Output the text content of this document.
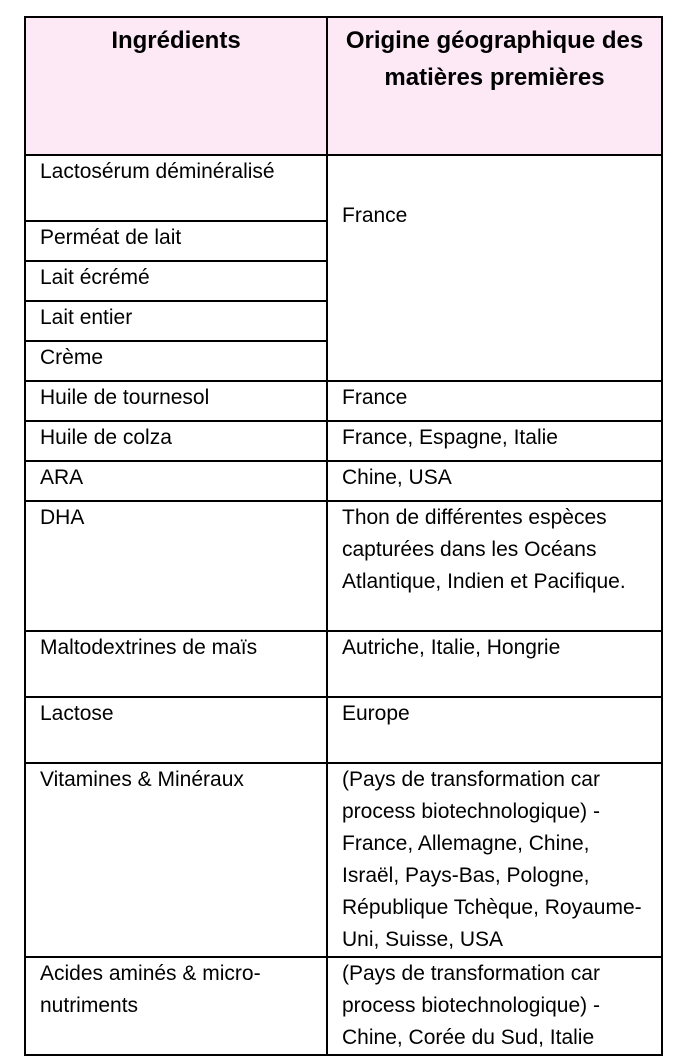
Ingrédients	Origine géographique des matières premières
Lactosérum déminéralisé	France
Perméat de lait	
Lait écrémé	
Lait entier	
Crème	
Huile de tournesol	France
Huile de colza	France, Espagne, Italie
ARA	Chine, USA
DHA	Thon de différentes espèces capturées dans les Océans Atlantique, Indien et Pacifique.
Maltodextrines de maïs	Autriche, Italie, Hongrie
Lactose	Europe
Vitamines & Minéraux	(Pays de transformation car process biotechnologique) - France, Allemagne, Chine, Israël, Pays-Bas, Pologne, République Tchèque, Royaume-Uni, Suisse, USA
Acides aminés & micro-nutriments	(Pays de transformation car process biotechnologique) - Chine, Corée du Sud, Italie
